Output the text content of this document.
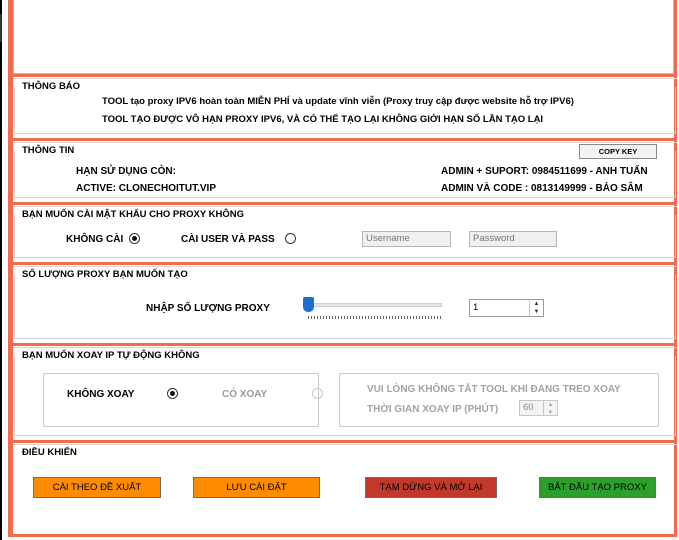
THÔNG BÁO
TOOL tạo proxy IPV6 hoàn toàn MIỄN PHÍ và update vĩnh viễn (Proxy truy cập được website hỗ trợ IPV6)
TOOL TẠO ĐƯỢC VÔ HẠN PROXY IPV6, VÀ CÓ THỂ TẠO LẠI KHÔNG GIỚI HẠN SỐ LẦN TẠO LẠI
THÔNG TIN	COPY KEY
HẠN SỬ DỤNG CÒN:
ACTIVE: CLONECHOITUT.VIP
ADMIN + SUPORT: 0984511699 - ANH TUẤN
ADMIN VÀ CODE : 0813149999 - BẢO SÂM
BẠN MUỐN CÀI MẬT KHẨU CHO PROXY KHÔNG
KHÔNG CÀI
	CÀI USER VÀ PASS
	Username	Password
SỐ LƯỢNG PROXY BẠN MUỐN TẠO
NHẬP SỐ LƯỢNG PROXY	1	▲
▼
BẠN MUỐN XOAY IP TỰ ĐỘNG KHÔNG
KHÔNG XOAY
	CÓ XOAY	VUI LÒNG KHÔNG TẮT TOOL KHI ĐANG TREO XOAY
THỜI GIAN XOAY IP (PHÚT)	60	▲
▼
ĐIỀU KHIỂN
CÀI THEO ĐỀ XUẤT	LƯU CÀI ĐẶT	TẠM DỪNG VÀ MỞ LẠI	BẮT ĐẦU TẠO PROXY
